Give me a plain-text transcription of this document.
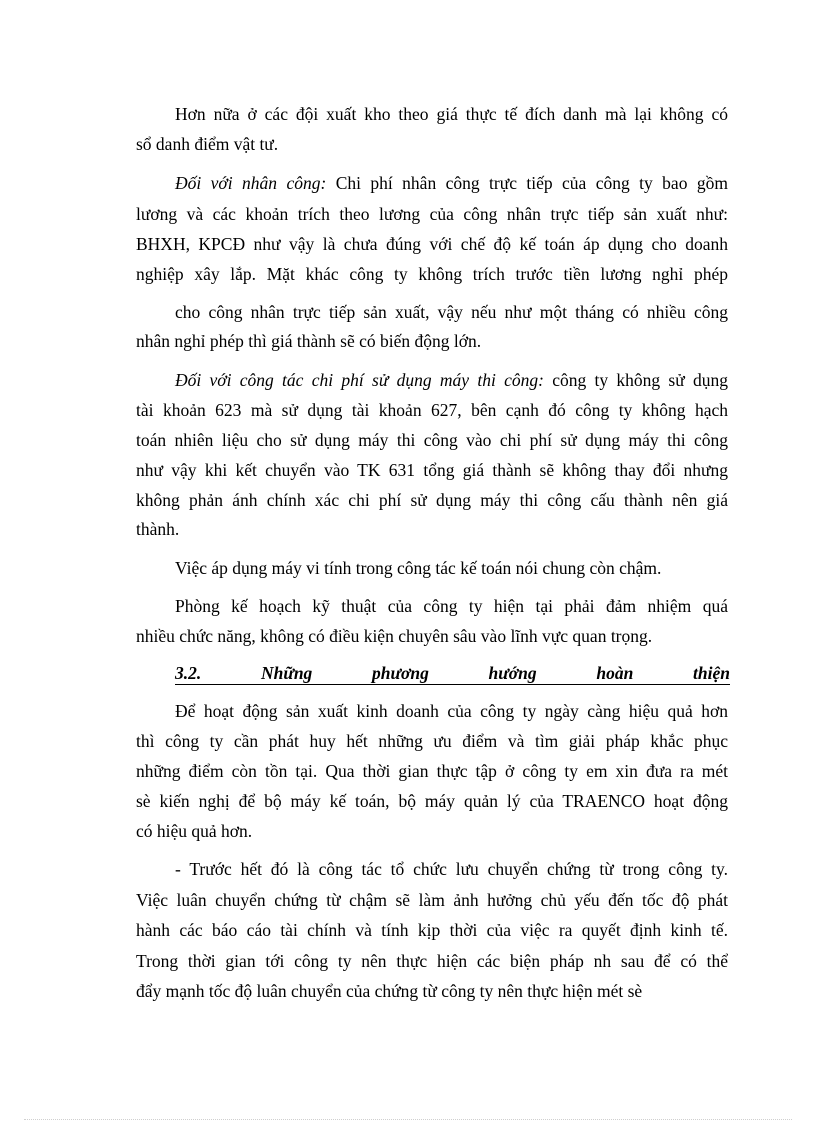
Hơn nữa ở các đội xuất kho theo giá thực tế đích danh mà lại không có
sổ danh điểm vật tư.
Đối với nhân công: Chi phí nhân công trực tiếp của công ty bao gồm
lương và các khoản trích theo lương của công nhân trực tiếp sản xuất như:
BHXH, KPCĐ như vậy là chưa đúng với chế độ kế toán áp dụng cho doanh
nghiệp xây lắp. Mặt khác công ty không trích trước tiền lương nghỉ phép
cho công nhân trực tiếp sản xuất, vậy nếu như một tháng có nhiều công
nhân nghỉ phép thì giá thành sẽ có biến động lớn.
Đối với công tác chi phí sử dụng máy thi công: công ty không sử dụng
tài khoản 623 mà sử dụng tài khoản 627, bên cạnh đó công ty không hạch
toán nhiên liệu cho sử dụng máy thi công vào chi phí sử dụng máy thi công
như vậy khi kết chuyển vào TK 631 tổng giá thành sẽ không thay đổi nhưng
không phản ánh chính xác chi phí sử dụng máy thi công cấu thành nên giá
thành.
Việc áp dụng máy vi tính trong công tác kế toán nói chung còn chậm.
Phòng kế hoạch kỹ thuật của công ty hiện tại phải đảm nhiệm quá
nhiều chức năng, không có điều kiện chuyên sâu vào lĩnh vực quan trọng.
3.2. Những phương hướng hoàn thiện
Để hoạt động sản xuất kinh doanh của công ty ngày càng hiệu quả hơn
thì công ty cần phát huy hết những ưu điểm và tìm giải pháp khắc phục
những điểm còn tồn tại. Qua thời gian thực tập ở công ty em xin đưa ra mét
sè kiến nghị để bộ máy kế toán, bộ máy quản lý của TRAENCO hoạt động
có hiệu quả hơn.
- Trước hết đó là công tác tổ chức lưu chuyển chứng từ trong công ty.
Việc luân chuyển chứng từ chậm sẽ làm ảnh hưởng chủ yếu đến tốc độ phát
hành các báo cáo tài chính và tính kịp thời của việc ra quyết định kinh tế.
Trong thời gian tới công ty nên thực hiện các biện pháp nh sau để có thể
đẩy mạnh tốc độ luân chuyển của chứng từ công ty nên thực hiện mét sè
